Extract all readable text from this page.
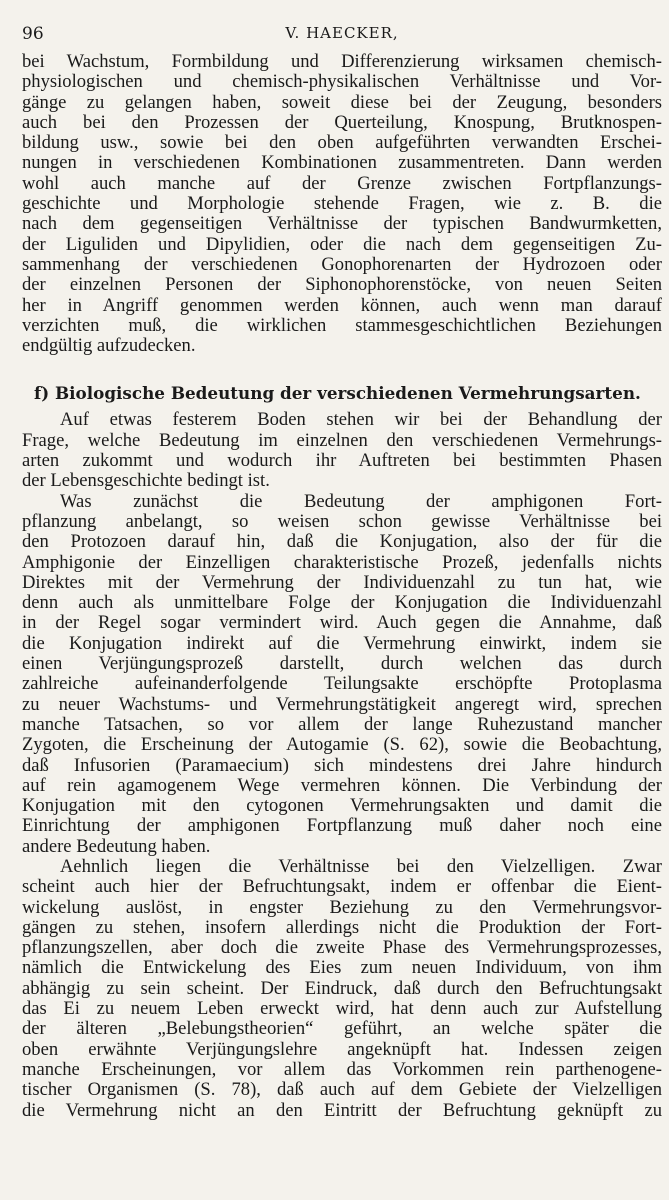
96	V. HAECKER,
bei Wachstum, Formbildung und Differenzierung wirksamen chemisch-
physiologischen und chemisch-physikalischen Verhältnisse und Vor-
gänge zu gelangen haben, soweit diese bei der Zeugung, besonders
auch bei den Prozessen der Querteilung, Knospung, Brutknospen-
bildung usw., sowie bei den oben aufgeführten verwandten Erschei-
nungen in verschiedenen Kombinationen zusammentreten. Dann werden
wohl auch manche auf der Grenze zwischen Fortpflanzungs-
geschichte und Morphologie stehende Fragen, wie z. B. die
nach dem gegenseitigen Verhältnisse der typischen Bandwurmketten,
der Liguliden und Dipylidien, oder die nach dem gegenseitigen Zu-
sammenhang der verschiedenen Gonophorenarten der Hydrozoen oder
der einzelnen Personen der Siphonophorenstöcke, von neuen Seiten
her in Angriff genommen werden können, auch wenn man darauf
verzichten muß, die wirklichen stammesgeschichtlichen Beziehungen
endgültig aufzudecken.
f) Biologische Bedeutung der verschiedenen Vermehrungsarten.
Auf etwas festerem Boden stehen wir bei der Behandlung der
Frage, welche Bedeutung im einzelnen den verschiedenen Vermehrungs-
arten zukommt und wodurch ihr Auftreten bei bestimmten Phasen
der Lebensgeschichte bedingt ist.
Was zunächst die Bedeutung der amphigonen Fort-
pflanzung anbelangt, so weisen schon gewisse Verhältnisse bei
den Protozoen darauf hin, daß die Konjugation, also der für die
Amphigonie der Einzelligen charakteristische Prozeß, jedenfalls nichts
Direktes mit der Vermehrung der Individuenzahl zu tun hat, wie
denn auch als unmittelbare Folge der Konjugation die Individuenzahl
in der Regel sogar vermindert wird. Auch gegen die Annahme, daß
die Konjugation indirekt auf die Vermehrung einwirkt, indem sie
einen Verjüngungsprozeß darstellt, durch welchen das durch
zahlreiche aufeinanderfolgende Teilungsakte erschöpfte Protoplasma
zu neuer Wachstums- und Vermehrungstätigkeit angeregt wird, sprechen
manche Tatsachen, so vor allem der lange Ruhezustand mancher
Zygoten, die Erscheinung der Autogamie (S. 62), sowie die Beobachtung,
daß Infusorien (Paramaecium) sich mindestens drei Jahre hindurch
auf rein agamogenem Wege vermehren können. Die Verbindung der
Konjugation mit den cytogonen Vermehrungsakten und damit die
Einrichtung der amphigonen Fortpflanzung muß daher noch eine
andere Bedeutung haben.
Aehnlich liegen die Verhältnisse bei den Vielzelligen. Zwar
scheint auch hier der Befruchtungsakt, indem er offenbar die Eient-
wickelung auslöst, in engster Beziehung zu den Vermehrungsvor-
gängen zu stehen, insofern allerdings nicht die Produktion der Fort-
pflanzungszellen, aber doch die zweite Phase des Vermehrungsprozesses,
nämlich die Entwickelung des Eies zum neuen Individuum, von ihm
abhängig zu sein scheint. Der Eindruck, daß durch den Befruchtungsakt
das Ei zu neuem Leben erweckt wird, hat denn auch zur Aufstellung
der älteren „Belebungstheorien“ geführt, an welche später die
oben erwähnte Verjüngungslehre angeknüpft hat. Indessen zeigen
manche Erscheinungen, vor allem das Vorkommen rein parthenogene-
tischer Organismen (S. 78), daß auch auf dem Gebiete der Vielzelligen
die Vermehrung nicht an den Eintritt der Befruchtung geknüpft zu
